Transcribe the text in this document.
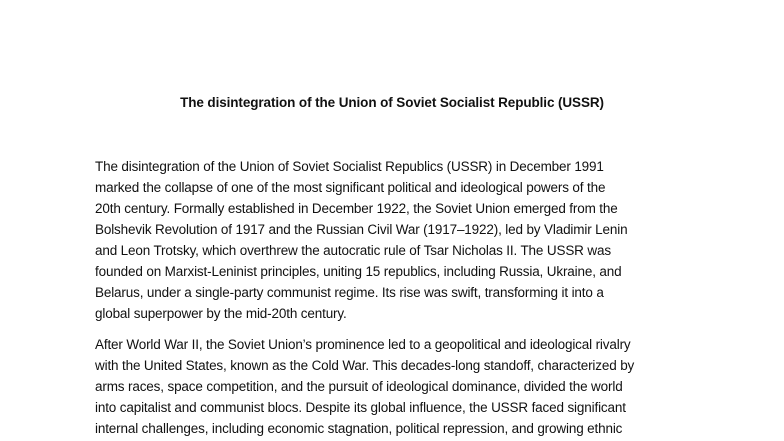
The disintegration of the Union of Soviet Socialist Republic (USSR)

The disintegration of the Union of Soviet Socialist Republics (USSR) in December 1991
marked the collapse of one of the most significant political and ideological powers of the
20th century. Formally established in December 1922, the Soviet Union emerged from the
Bolshevik Revolution of 1917 and the Russian Civil War (1917–1922), led by Vladimir Lenin
and Leon Trotsky, which overthrew the autocratic rule of Tsar Nicholas II. The USSR was
founded on Marxist-Leninist principles, uniting 15 republics, including Russia, Ukraine, and
Belarus, under a single-party communist regime. Its rise was swift, transforming it into a
global superpower by the mid-20th century.

After World War II, the Soviet Union’s prominence led to a geopolitical and ideological rivalry
with the United States, known as the Cold War. This decades-long standoff, characterized by
arms races, space competition, and the pursuit of ideological dominance, divided the world
into capitalist and communist blocs. Despite its global influence, the USSR faced significant
internal challenges, including economic stagnation, political repression, and growing ethnic
